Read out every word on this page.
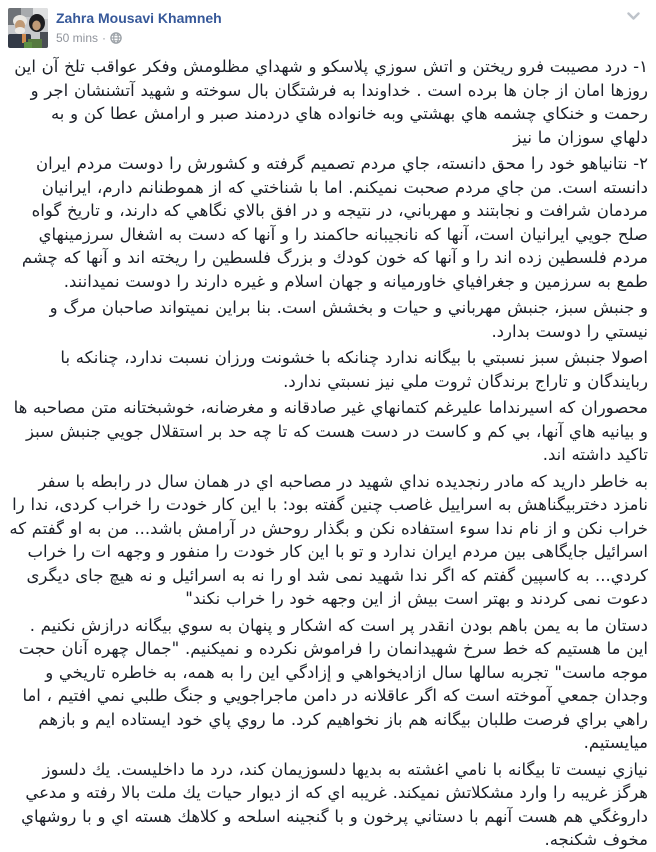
Zahra Mousavi Khamneh
50 mins ·

۱- درد مصيبت فرو ريختن و اتش سوزي پلاسكو و شهداي مظلومش وفكر عواقب تلخ آن اين روزها امان از جان ها برده است . خداوندا به فرشتگان بال سوخته و شهيد آتشنشان اجر و رحمت و خنكاي چشمه هاي بهشتي وبه خانواده هاي دردمند صبر و ارامش عطا كن و به دلهاي سوزان ما نيز

۲- نتانياهو خود را محق دانسته، جاي مردم تصميم گرفته و كشورش را دوست مردم ايران دانسته است. من جاي مردم صحبت نميكنم. اما با شناختي كه از هموطنانم دارم، ايرانيان مردمان شرافت و نجابتند و مهرباني، در نتيجه و در افق بالاي نگاهي كه دارند، و تاريخ گواه صلح جويي ايرانيان است، آنها كه نانجيبانه حاكمند را و آنها كه دست به اشغال سرزمينهاي مردم فلسطين زده اند را و آنها كه خون كودك و بزرگ فلسطين را ريخته اند و آنها كه چشم طمع به سرزمين و جغرافياي خاورميانه و جهان اسلام و غيره دارند را دوست نميدانند.

و جنبش سبز، جنبش مهرباني و حيات و بخشش است. بنا براين نميتواند صاحبان مرگ و نيستي را دوست بدارد.

اصولا جنبش سبز نسبتي با بيگانه ندارد چنانكه با خشونت ورزان نسبت ندارد، چنانكه با ربايندگان و تاراج برندگان ثروت ملي نيز نسبتي ندارد.

محصوران كه اسيرنداما عليرغم كتمانهاي غير صادقانه و مغرضانه، خوشبختانه متن مصاحبه ها و بيانيه هاي آنها، بي كم و كاست در دست هست كه تا چه حد بر استقلال جويي جنبش سبز تاكيد داشته اند.

به خاطر داريد كه مادر رنجديده نداي شهيد در مصاحبه اي در همان سال در رابطه با سفر نامزد دختربيگناهش به اسراييل غاصب چنين گفته بود: با اين كار خودت را خراب كردى، ندا را خراب نكن و از نام ندا سوء استفاده نكن و بگذار روحش در آرامش باشد... من به او گفتم كه اسرائيل جايگاهى بين مردم ايران ندارد و تو با اين كار خودت را منفور و وجهه ات را خراب كردي... به كاسپين گفتم كه اگر ندا شهيد نمى شد او را نه به اسرائيل و نه هيچ جاى ديگرى دعوت نمى كردند و بهتر است بيش از اين وجهه خود را خراب نكند"

دستان ما به يمن باهم بودن انقدر پر است كه اشكار و پنهان به سوي بيگانه درازش نكنيم . اين ما هستيم كه خط سرخ شهيدانمان را فراموش نكرده و نميكنيم. "جمال چهره آنان حجت موجه ماست" تجربه سالها سال ازاديخواهي و إزادگي اين را به همه، به خاطره تاريخي و وجدان جمعي آموخته است كه اگر عاقلانه در دامن ماجراجويي و جنگ طلبي نمي افتيم ، اما راهي براي فرصت طلبان بيگانه هم باز نخواهيم كرد. ما روي پاي خود ايستاده ايم و بازهم ميايستيم.

نيازي نيست تا بيگانه با نامي اغشته به بديها دلسوزيمان كند، درد ما داخليست. يك دلسوز هرگز غريبه را وارد مشكلاتش نميكند. غريبه اي كه از ديوار حيات يك ملت بالا رفته و مدعي داروغگي هم هست آنهم با دستاني پرخون و با گنجينه اسلحه و كلاهك هسته اي و با روشهاي مخوف شكنجه.
